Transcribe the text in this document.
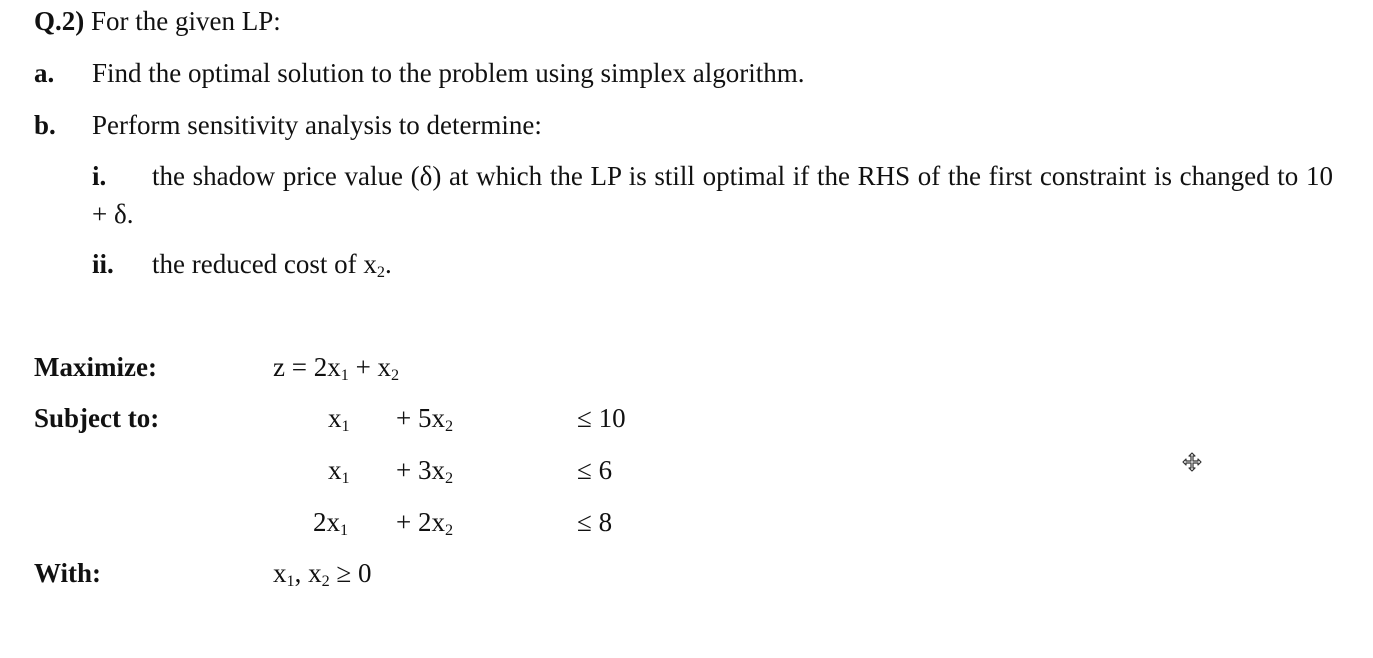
Q.2) For the given LP:
a. Find the optimal solution to the problem using simplex algorithm.
b. Perform sensitivity analysis to determine:
i. the shadow price value (δ) at which the LP is still optimal if the RHS of the first constraint is changed to 10 + δ.
ii. the reduced cost of $x_2$.
Maximize:	$z = 2x_1 + x_2$
Subject to:	$x_1 + 5x_2$	≤ 10
$x_1 + 3x_2$	≤ 6
$2x_1 + 2x_2$	≤ 8
With:	$x_1$, $x_2 \ge 0$
